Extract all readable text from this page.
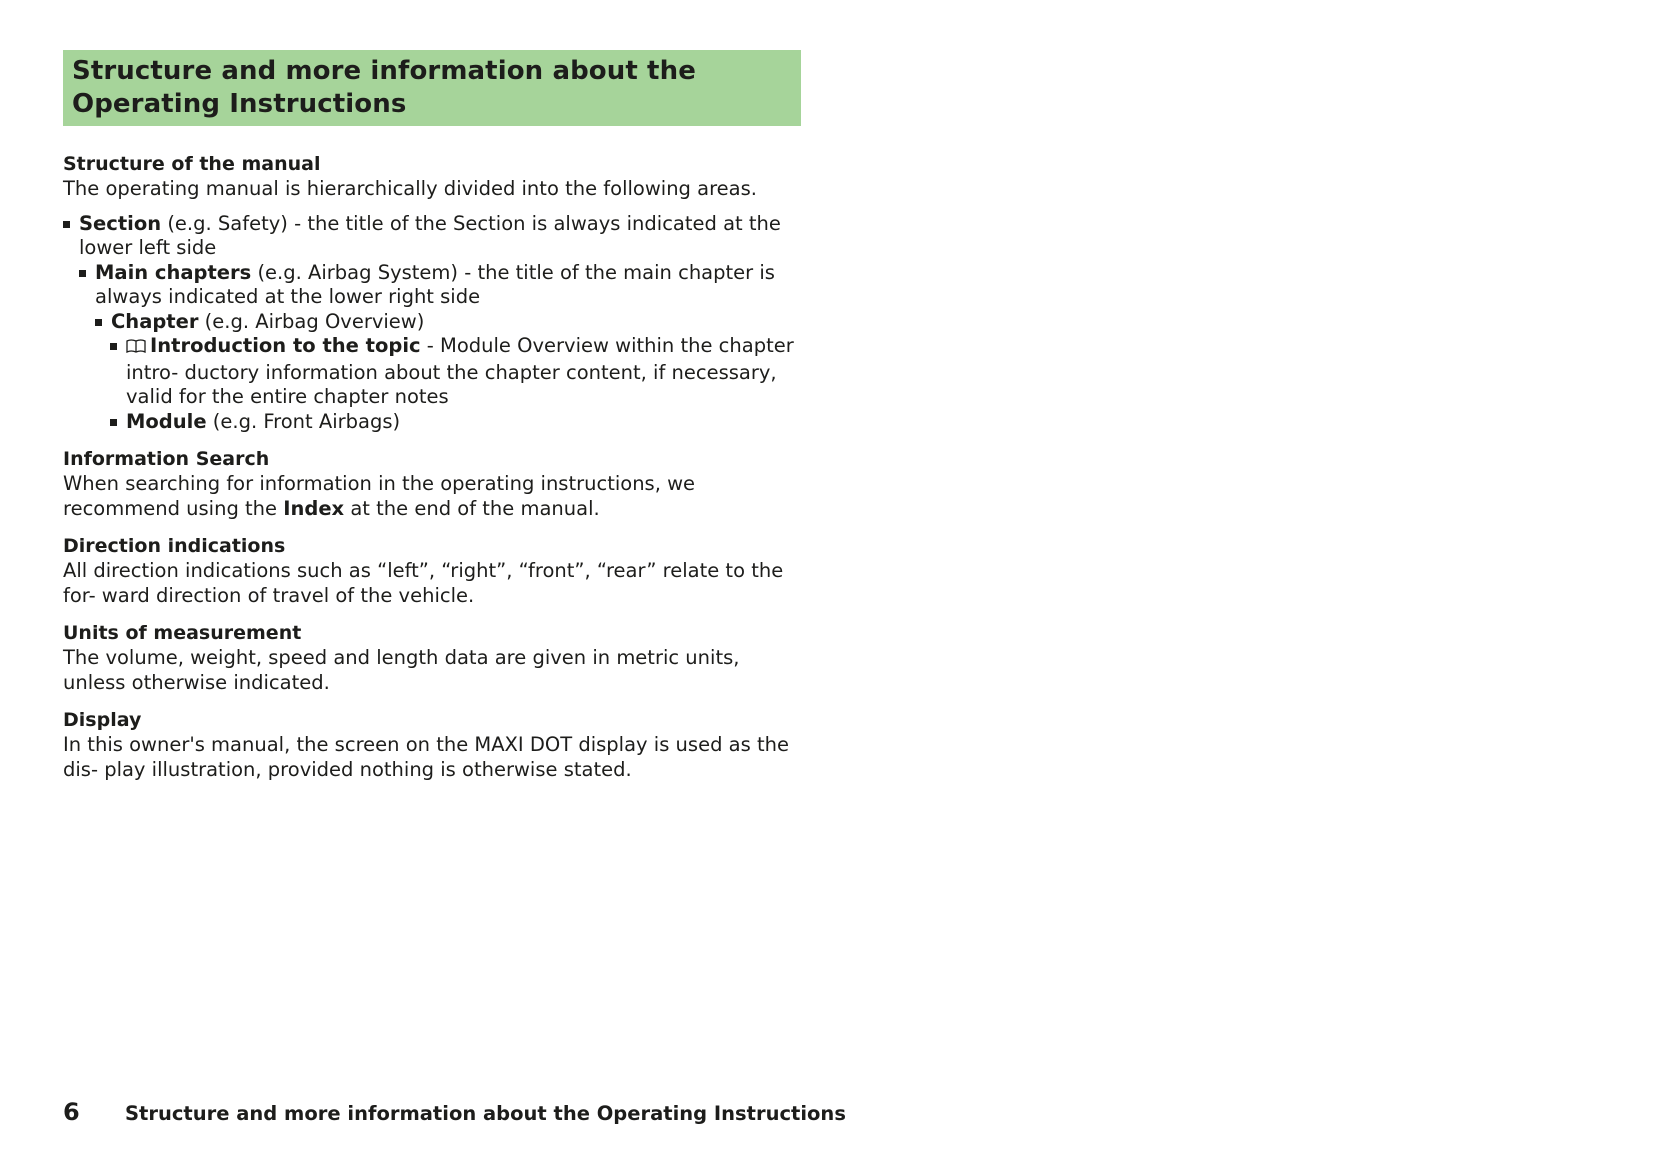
Structure and more information about the Operating Instructions

Structure of the manual

The operating manual is hierarchically divided into the following areas.

Section (e.g. Safety) - the title of the Section is always indicated at the lower left side
Main chapters (e.g. Airbag System) - the title of the main chapter is always indicated at the lower right side
Chapter (e.g. Airbag Overview)
Introduction to the topic - Module Overview within the chapter intro- ductory information about the chapter content, if necessary, valid for the entire chapter notes
Module (e.g. Front Airbags)

Information Search

When searching for information in the operating instructions, we recommend using the Index at the end of the manual.

Direction indications

All direction indications such as “left”, “right”, “front”, “rear” relate to the for- ward direction of travel of the vehicle.

Units of measurement

The volume, weight, speed and length data are given in metric units, unless otherwise indicated.

Display

In this owner's manual, the screen on the MAXI DOT display is used as the dis- play illustration, provided nothing is otherwise stated.

6	Structure and more information about the Operating Instructions
